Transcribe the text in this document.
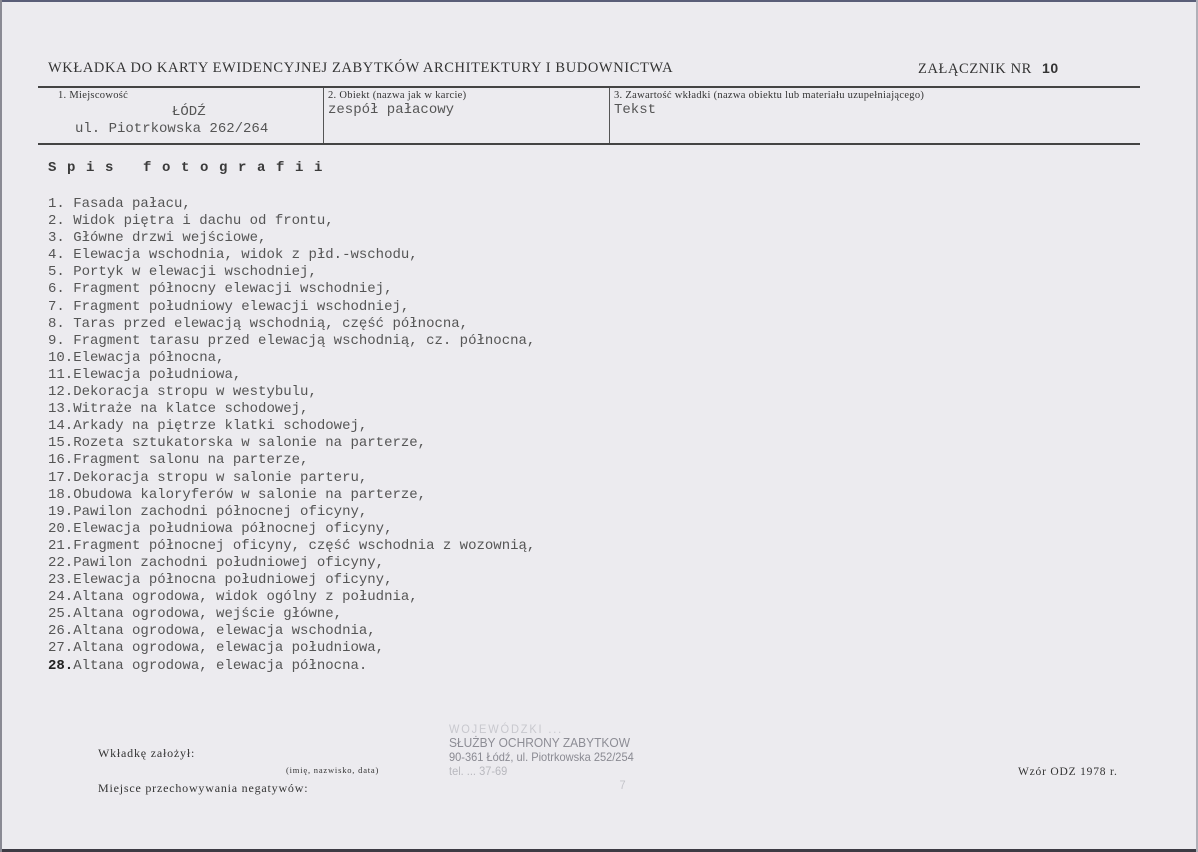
WKŁADKA DO KARTY EWIDENCYJNEJ ZABYTKÓW ARCHITEKTURY I BUDOWNICTWA	ZAŁĄCZNIK NR 10
1. Miejscowość
ŁÓDŹ
ul. Piotrkowska 262/264
2. Obiekt (nazwa jak w karcie)
zespół pałacowy
3. Zawartość wkładki (nazwa obiektu lub materiału uzupełniającego)
Tekst
Spis fotografii
1. Fasada pałacu,
2. Widok piętra i dachu od frontu,
3. Główne drzwi wejściowe,
4. Elewacja wschodnia, widok z płd.-wschodu,
5. Portyk w elewacji wschodniej,
6. Fragment północny elewacji wschodniej,
7. Fragment południowy elewacji wschodniej,
8. Taras przed elewacją wschodnią, część północna,
9. Fragment tarasu przed elewacją wschodnią, cz. północna,
10.Elewacja północna,
11.Elewacja południowa,
12.Dekoracja stropu w westybulu,
13.Witraże na klatce schodowej,
14.Arkady na piętrze klatki schodowej,
15.Rozeta sztukatorska w salonie na parterze,
16.Fragment salonu na parterze,
17.Dekoracja stropu w salonie parteru,
18.Obudowa kaloryferów w salonie na parterze,
19.Pawilon zachodni północnej oficyny,
20.Elewacja południowa północnej oficyny,
21.Fragment północnej oficyny, część wschodnia z wozownią,
22.Pawilon zachodni południowej oficyny,
23.Elewacja północna południowej oficyny,
24.Altana ogrodowa, widok ogólny z południa,
25.Altana ogrodowa, wejście główne,
26.Altana ogrodowa, elewacja wschodnia,
27.Altana ogrodowa, elewacja południowa,
28.Altana ogrodowa, elewacja północna.
Wkładkę założył:
(imię, nazwisko, data)
Miejsce przechowywania negatywów:
Wzór ODZ 1978 r.
WOJEWÓDZKI ...
SŁUŻBY OCHRONY ZABYTKOW
90-361 Łódź, ul. Piotrkowska 252/254
tel. ... 37-69
7
